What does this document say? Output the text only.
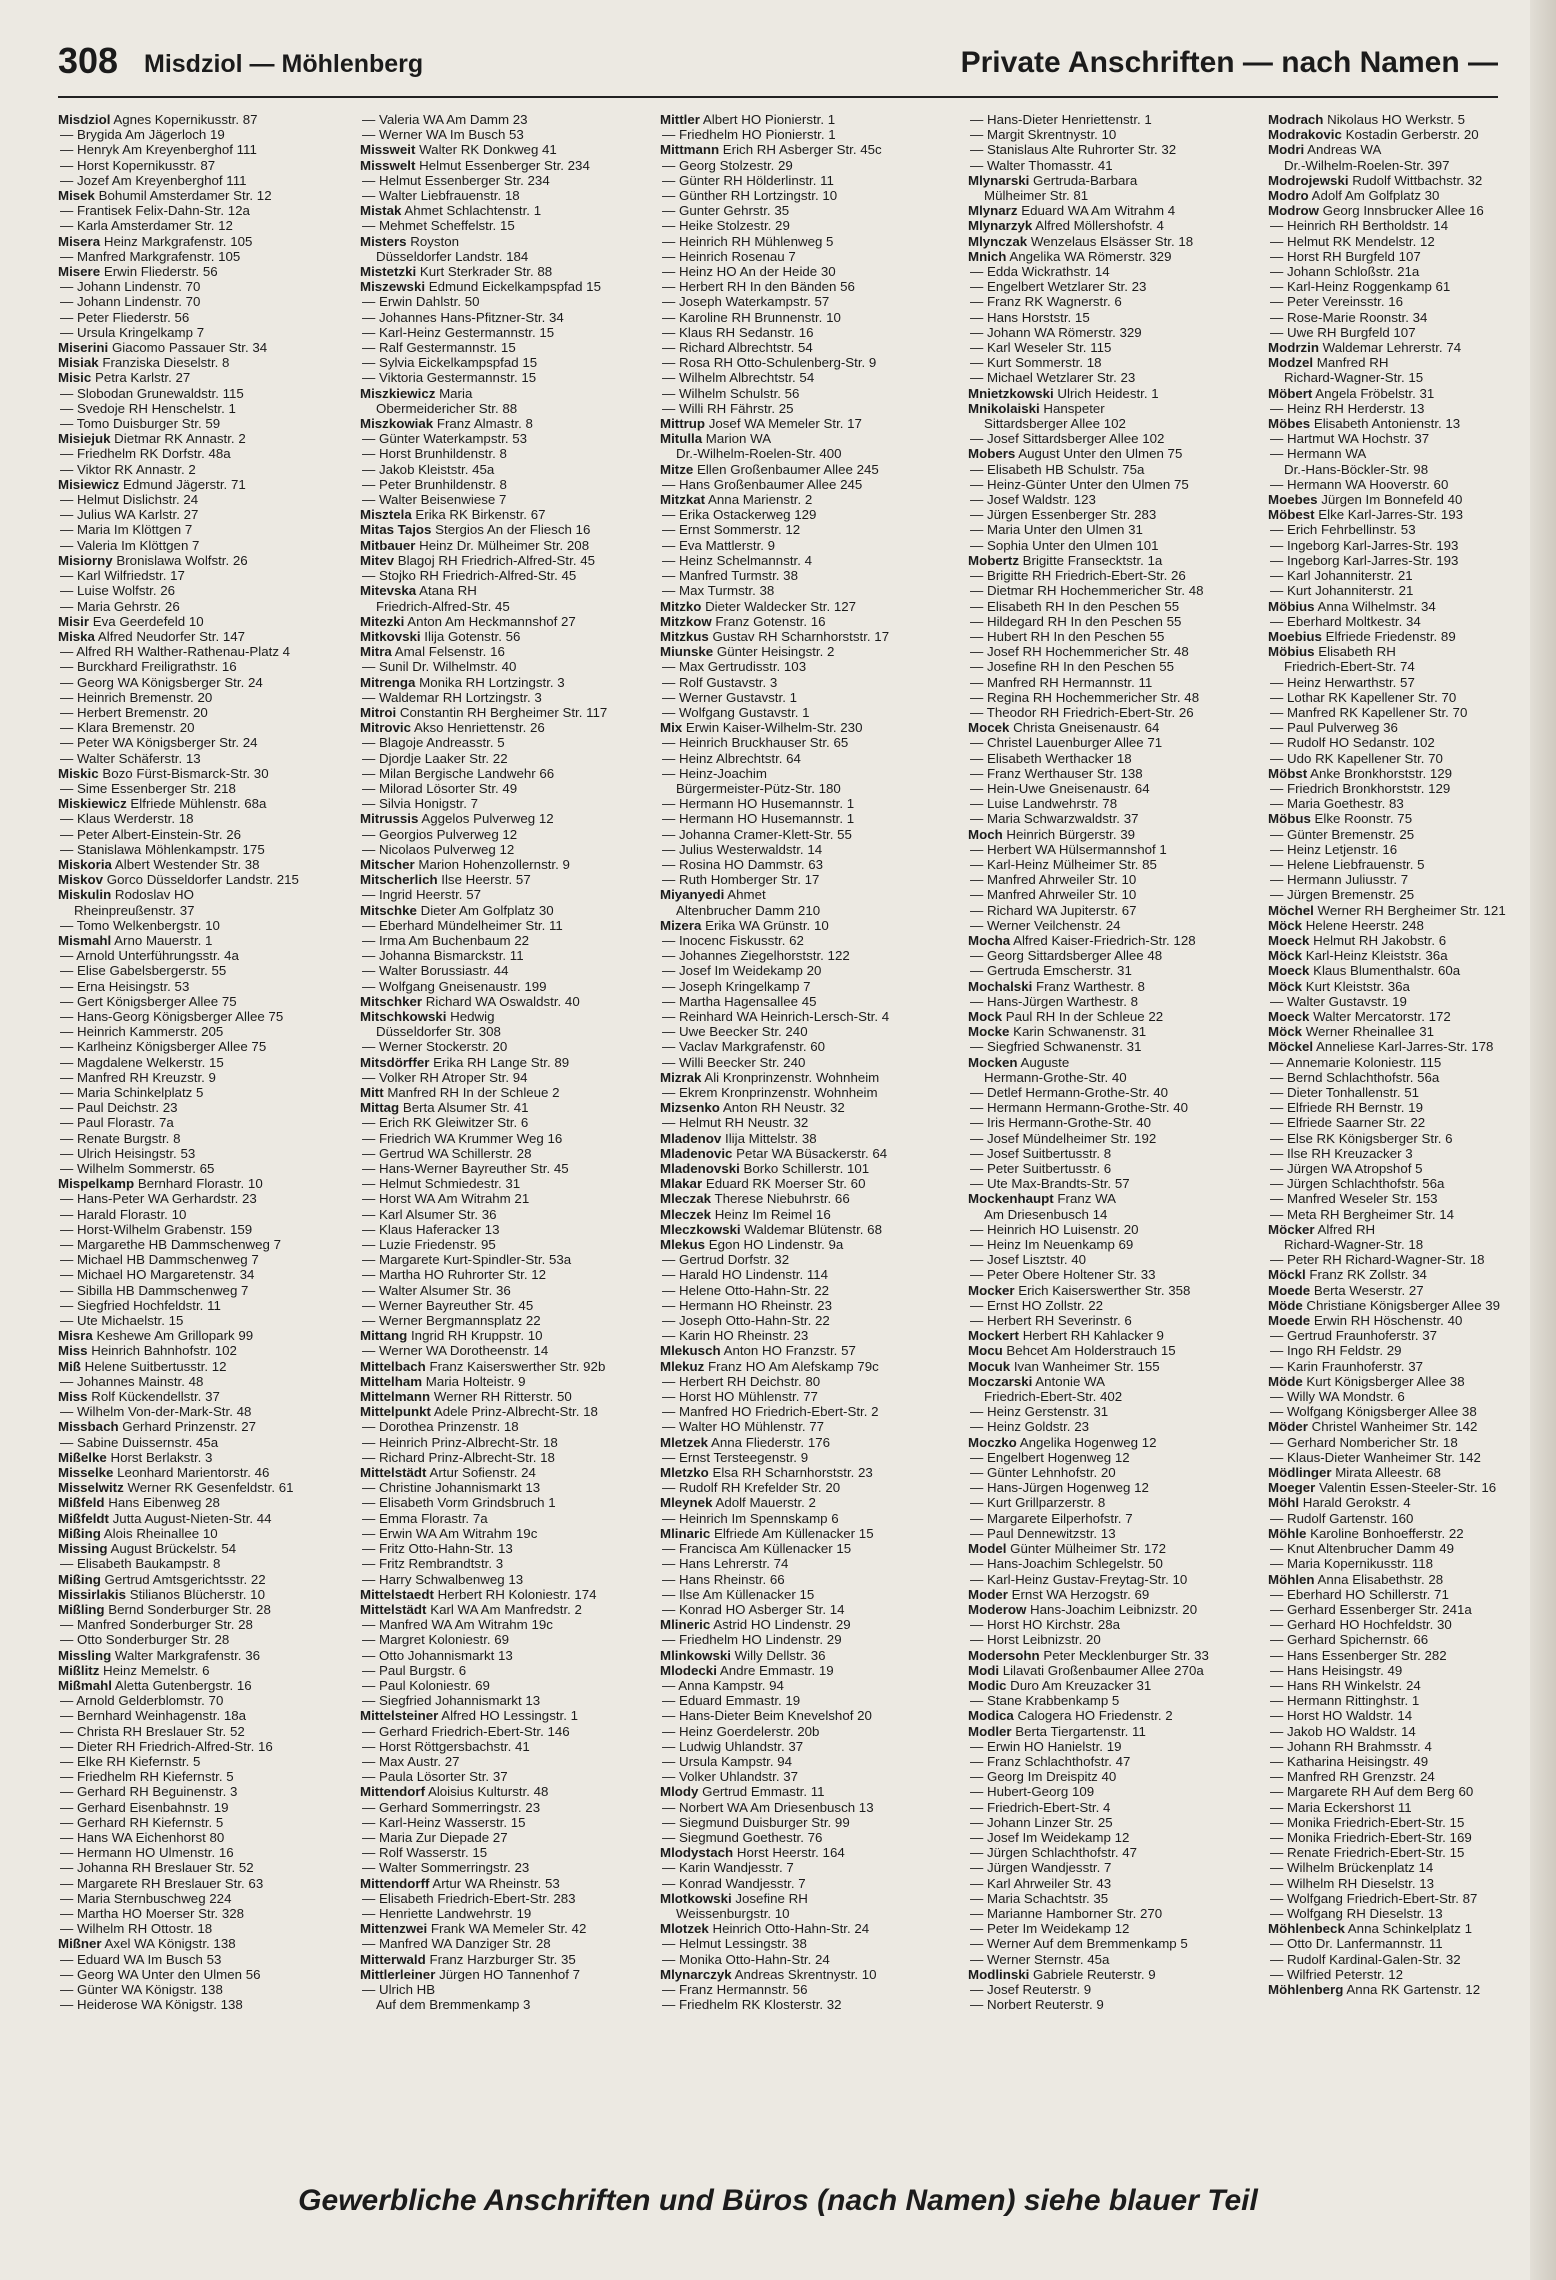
308 Misdziol — Möhlenberg	Private Anschriften — nach Namen —
Misdziol Agnes Kopernikusstr. 87
— Brygida Am Jägerloch 19
— Henryk Am Kreyenberghof 111
— Horst Kopernikusstr. 87
— Jozef Am Kreyenberghof 111
Misek Bohumil Amsterdamer Str. 12
— Frantisek Felix-Dahn-Str. 12a
— Karla Amsterdamer Str. 12
Misera Heinz Markgrafenstr. 105
— Manfred Markgrafenstr. 105
Misere Erwin Fliederstr. 56
— Johann Lindenstr. 70
— Johann Lindenstr. 70
— Peter Fliederstr. 56
— Ursula Kringelkamp 7
Miserini Giacomo Passauer Str. 34
Misiak Franziska Dieselstr. 8
Misic Petra Karlstr. 27
— Slobodan Grunewaldstr. 115
— Svedoje RH Henschelstr. 1
— Tomo Duisburger Str. 59
Misiejuk Dietmar RK Annastr. 2
— Friedhelm RK Dorfstr. 48a
— Viktor RK Annastr. 2
Misiewicz Edmund Jägerstr. 71
— Helmut Dislichstr. 24
— Julius WA Karlstr. 27
— Maria Im Klöttgen 7
— Valeria Im Klöttgen 7
Misiorny Bronislawa Wolfstr. 26
— Karl Wilfriedstr. 17
— Luise Wolfstr. 26
— Maria Gehrstr. 26
Misir Eva Geerdefeld 10
Miska Alfred Neudorfer Str. 147
— Alfred RH Walther-Rathenau-Platz 4
— Burckhard Freiligrathstr. 16
— Georg WA Königsberger Str. 24
— Heinrich Bremenstr. 20
— Herbert Bremenstr. 20
— Klara Bremenstr. 20
— Peter WA Königsberger Str. 24
— Walter Schäferstr. 13
Miskic Bozo Fürst-Bismarck-Str. 30
— Sime Essenberger Str. 218
Miskiewicz Elfriede Mühlenstr. 68a
— Klaus Werderstr. 18
— Peter Albert-Einstein-Str. 26
— Stanislawa Möhlenkampstr. 175
Miskoria Albert Westender Str. 38
Miskov Gorco Düsseldorfer Landstr. 215
Miskulin Rodoslav HO
Rheinpreußenstr. 37
— Tomo Welkenbergstr. 10
Mismahl Arno Mauerstr. 1
— Arnold Unterführungsstr. 4a
— Elise Gabelsbergerstr. 55
— Erna Heisingstr. 53
— Gert Königsberger Allee 75
— Hans-Georg Königsberger Allee 75
— Heinrich Kammerstr. 205
— Karlheinz Königsberger Allee 75
— Magdalene Welkerstr. 15
— Manfred RH Kreuzstr. 9
— Maria Schinkelplatz 5
— Paul Deichstr. 23
— Paul Florastr. 7a
— Renate Burgstr. 8
— Ulrich Heisingstr. 53
— Wilhelm Sommerstr. 65
Mispelkamp Bernhard Florastr. 10
— Hans-Peter WA Gerhardstr. 23
— Harald Florastr. 10
— Horst-Wilhelm Grabenstr. 159
— Margarethe HB Dammschenweg 7
— Michael HB Dammschenweg 7
— Michael HO Margaretenstr. 34
— Sibilla HB Dammschenweg 7
— Siegfried Hochfeldstr. 11
— Ute Michaelstr. 15
Misra Keshewe Am Grillopark 99
Miss Heinrich Bahnhofstr. 102
Miß Helene Suitbertusstr. 12
— Johannes Mainstr. 48
Miss Rolf Kückendellstr. 37
— Wilhelm Von-der-Mark-Str. 48
Missbach Gerhard Prinzenstr. 27
— Sabine Duissernstr. 45a
Mißelke Horst Berlakstr. 3
Misselke Leonhard Marientorstr. 46
Misselwitz Werner RK Gesenfeldstr. 61
Mißfeld Hans Eibenweg 28
Mißfeldt Jutta August-Nieten-Str. 44
Mißing Alois Rheinallee 10
Missing August Brückelstr. 54
— Elisabeth Baukampstr. 8
Mißing Gertrud Amtsgerichtsstr. 22
Missirlakis Stilianos Blücherstr. 10
Mißling Bernd Sonderburger Str. 28
— Manfred Sonderburger Str. 28
— Otto Sonderburger Str. 28
Missling Walter Markgrafenstr. 36
Mißlitz Heinz Memelstr. 6
Mißmahl Aletta Gutenbergstr. 16
— Arnold Gelderblomstr. 70
— Bernhard Weinhagenstr. 18a
— Christa RH Breslauer Str. 52
— Dieter RH Friedrich-Alfred-Str. 16
— Elke RH Kiefernstr. 5
— Friedhelm RH Kiefernstr. 5
— Gerhard RH Beguinenstr. 3
— Gerhard Eisenbahnstr. 19
— Gerhard RH Kiefernstr. 5
— Hans WA Eichenhorst 80
— Hermann HO Ulmenstr. 16
— Johanna RH Breslauer Str. 52
— Margarete RH Breslauer Str. 63
— Maria Sternbuschweg 224
— Martha HO Moerser Str. 328
— Wilhelm RH Ottostr. 18
Mißner Axel WA Königstr. 138
— Eduard WA Im Busch 53
— Georg WA Unter den Ulmen 56
— Günter WA Königstr. 138
— Heiderose WA Königstr. 138
— Valeria WA Am Damm 23
— Werner WA Im Busch 53
Missweit Walter RK Donkweg 41
Misswelt Helmut Essenberger Str. 234
— Helmut Essenberger Str. 234
— Walter Liebfrauenstr. 18
Mistak Ahmet Schlachtenstr. 1
— Mehmet Scheffelstr. 15
Misters Royston
Düsseldorfer Landstr. 184
Mistetzki Kurt Sterkrader Str. 88
Miszewski Edmund Eickelkampspfad 15
— Erwin Dahlstr. 50
— Johannes Hans-Pfitzner-Str. 34
— Karl-Heinz Gestermannstr. 15
— Ralf Gestermannstr. 15
— Sylvia Eickelkampspfad 15
— Viktoria Gestermannstr. 15
Miszkiewicz Maria
Obermeidericher Str. 88
Miszkowiak Franz Almastr. 8
— Günter Waterkampstr. 53
— Horst Brunhildenstr. 8
— Jakob Kleiststr. 45a
— Peter Brunhildenstr. 8
— Walter Beisenwiese 7
Misztela Erika RK Birkenstr. 67
Mitas Tajos Stergios An der Fliesch 16
Mitbauer Heinz Dr. Mülheimer Str. 208
Mitev Blagoj RH Friedrich-Alfred-Str. 45
— Stojko RH Friedrich-Alfred-Str. 45
Mitevska Atana RH
Friedrich-Alfred-Str. 45
Mitezki Anton Am Heckmannshof 27
Mitkovski Ilija Gotenstr. 56
Mitra Amal Felsenstr. 16
— Sunil Dr. Wilhelmstr. 40
Mitrenga Monika RH Lortzingstr. 3
— Waldemar RH Lortzingstr. 3
Mitroi Constantin RH Bergheimer Str. 117
Mitrovic Akso Henriettenstr. 26
— Blagoje Andreasstr. 5
— Djordje Laaker Str. 22
— Milan Bergische Landwehr 66
— Milorad Lösorter Str. 49
— Silvia Honigstr. 7
Mitrussis Aggelos Pulverweg 12
— Georgios Pulverweg 12
— Nicolaos Pulverweg 12
Mitscher Marion Hohenzollernstr. 9
Mitscherlich Ilse Heerstr. 57
— Ingrid Heerstr. 57
Mitschke Dieter Am Golfplatz 30
— Eberhard Mündelheimer Str. 11
— Irma Am Buchenbaum 22
— Johanna Bismarckstr. 11
— Walter Borussiastr. 44
— Wolfgang Gneisenaustr. 199
Mitschker Richard WA Oswaldstr. 40
Mitschkowski Hedwig
Düsseldorfer Str. 308
— Werner Stockerstr. 20
Mitsdörffer Erika RH Lange Str. 89
— Volker RH Atroper Str. 94
Mitt Manfred RH In der Schleue 2
Mittag Berta Alsumer Str. 41
— Erich RK Gleiwitzer Str. 6
— Friedrich WA Krummer Weg 16
— Gertrud WA Schillerstr. 28
— Hans-Werner Bayreuther Str. 45
— Helmut Schmiedestr. 31
— Horst WA Am Witrahm 21
— Karl Alsumer Str. 36
— Klaus Haferacker 13
— Luzie Friedenstr. 95
— Margarete Kurt-Spindler-Str. 53a
— Martha HO Ruhrorter Str. 12
— Walter Alsumer Str. 36
— Werner Bayreuther Str. 45
— Werner Bergmannsplatz 22
Mittang Ingrid RH Kruppstr. 10
— Werner WA Dorotheenstr. 14
Mittelbach Franz Kaiserswerther Str. 92b
Mittelham Maria Holteistr. 9
Mittelmann Werner RH Ritterstr. 50
Mittelpunkt Adele Prinz-Albrecht-Str. 18
— Dorothea Prinzenstr. 18
— Heinrich Prinz-Albrecht-Str. 18
— Richard Prinz-Albrecht-Str. 18
Mittelstädt Artur Sofienstr. 24
— Christine Johannismarkt 13
— Elisabeth Vorm Grindsbruch 1
— Emma Florastr. 7a
— Erwin WA Am Witrahm 19c
— Fritz Otto-Hahn-Str. 13
— Fritz Rembrandtstr. 3
— Harry Schwalbenweg 13
Mittelstaedt Herbert RH Koloniestr. 174
Mittelstädt Karl WA Am Manfredstr. 2
— Manfred WA Am Witrahm 19c
— Margret Koloniestr. 69
— Otto Johannismarkt 13
— Paul Burgstr. 6
— Paul Koloniestr. 69
— Siegfried Johannismarkt 13
Mittelsteiner Alfred HO Lessingstr. 1
— Gerhard Friedrich-Ebert-Str. 146
— Horst Röttgersbachstr. 41
— Max Austr. 27
— Paula Lösorter Str. 37
Mittendorf Aloisius Kulturstr. 48
— Gerhard Sommerringstr. 23
— Karl-Heinz Wasserstr. 15
— Maria Zur Diepade 27
— Rolf Wasserstr. 15
— Walter Sommerringstr. 23
Mittendorff Artur WA Rheinstr. 53
— Elisabeth Friedrich-Ebert-Str. 283
— Henriette Landwehrstr. 19
Mittenzwei Frank WA Memeler Str. 42
— Manfred WA Danziger Str. 28
Mitterwald Franz Harzburger Str. 35
Mittlerleiner Jürgen HO Tannenhof 7
— Ulrich HB
Auf dem Bremmenkamp 3
Mittler Albert HO Pionierstr. 1
— Friedhelm HO Pionierstr. 1
Mittmann Erich RH Asberger Str. 45c
— Georg Stolzestr. 29
— Günter RH Hölderlinstr. 11
— Günther RH Lortzingstr. 10
— Gunter Gehrstr. 35
— Heike Stolzestr. 29
— Heinrich RH Mühlenweg 5
— Heinrich Rosenau 7
— Heinz HO An der Heide 30
— Herbert RH In den Bänden 56
— Joseph Waterkampstr. 57
— Karoline RH Brunnenstr. 10
— Klaus RH Sedanstr. 16
— Richard Albrechtstr. 54
— Rosa RH Otto-Schulenberg-Str. 9
— Wilhelm Albrechtstr. 54
— Wilhelm Schulstr. 56
— Willi RH Fährstr. 25
Mittrup Josef WA Memeler Str. 17
Mitulla Marion WA
Dr.-Wilhelm-Roelen-Str. 400
Mitze Ellen Großenbaumer Allee 245
— Hans Großenbaumer Allee 245
Mitzkat Anna Marienstr. 2
— Erika Ostackerweg 129
— Ernst Sommerstr. 12
— Eva Mattlerstr. 9
— Heinz Schelmannstr. 4
— Manfred Turmstr. 38
— Max Turmstr. 38
Mitzko Dieter Waldecker Str. 127
Mitzkow Franz Gotenstr. 16
Mitzkus Gustav RH Scharnhorststr. 17
Miunske Günter Heisingstr. 2
— Max Gertrudisstr. 103
— Rolf Gustavstr. 3
— Werner Gustavstr. 1
— Wolfgang Gustavstr. 1
Mix Erwin Kaiser-Wilhelm-Str. 230
— Heinrich Bruckhauser Str. 65
— Heinz Albrechtstr. 64
— Heinz-Joachim
Bürgermeister-Pütz-Str. 180
— Hermann HO Husemannstr. 1
— Hermann HO Husemannstr. 1
— Johanna Cramer-Klett-Str. 55
— Julius Westerwaldstr. 14
— Rosina HO Dammstr. 63
— Ruth Homberger Str. 17
Miyanyedi Ahmet
Altenbrucher Damm 210
Mizera Erika WA Grünstr. 10
— Inocenc Fiskusstr. 62
— Johannes Ziegelhorststr. 122
— Josef Im Weidekamp 20
— Joseph Kringelkamp 7
— Martha Hagensallee 45
— Reinhard WA Heinrich-Lersch-Str. 4
— Uwe Beecker Str. 240
— Vaclav Markgrafenstr. 60
— Willi Beecker Str. 240
Mizrak Ali Kronprinzenstr. Wohnheim
— Ekrem Kronprinzenstr. Wohnheim
Mizsenko Anton RH Neustr. 32
— Helmut RH Neustr. 32
Mladenov Ilija Mittelstr. 38
Mladenovic Petar WA Büsackerstr. 64
Mladenovski Borko Schillerstr. 101
Mlakar Eduard RK Moerser Str. 60
Mleczak Therese Niebuhrstr. 66
Mleczek Heinz Im Reimel 16
Mleczkowski Waldemar Blütenstr. 68
Mlekus Egon HO Lindenstr. 9a
— Gertrud Dorfstr. 32
— Harald HO Lindenstr. 114
— Helene Otto-Hahn-Str. 22
— Hermann HO Rheinstr. 23
— Joseph Otto-Hahn-Str. 22
— Karin HO Rheinstr. 23
Mlekusch Anton HO Franzstr. 57
Mlekuz Franz HO Am Alefskamp 79c
— Herbert RH Deichstr. 80
— Horst HO Mühlenstr. 77
— Manfred HO Friedrich-Ebert-Str. 2
— Walter HO Mühlenstr. 77
Mletzek Anna Fliederstr. 176
— Ernst Tersteegenstr. 9
Mletzko Elsa RH Scharnhorststr. 23
— Rudolf RH Krefelder Str. 20
Mleynek Adolf Mauerstr. 2
— Heinrich Im Spennskamp 6
Mlinaric Elfriede Am Küllenacker 15
— Francisca Am Küllenacker 15
— Hans Lehrerstr. 74
— Hans Rheinstr. 66
— Ilse Am Küllenacker 15
— Konrad HO Asberger Str. 14
Mlineric Astrid HO Lindenstr. 29
— Friedhelm HO Lindenstr. 29
Mlinkowski Willy Dellstr. 36
Mlodecki Andre Emmastr. 19
— Anna Kampstr. 94
— Eduard Emmastr. 19
— Hans-Dieter Beim Knevelshof 20
— Heinz Goerdelerstr. 20b
— Ludwig Uhlandstr. 37
— Ursula Kampstr. 94
— Volker Uhlandstr. 37
Mlody Gertrud Emmastr. 11
— Norbert WA Am Driesenbusch 13
— Siegmund Duisburger Str. 99
— Siegmund Goethestr. 76
Mlodystach Horst Heerstr. 164
— Karin Wandjesstr. 7
— Konrad Wandjesstr. 7
Mlotkowski Josefine RH
Weissenburgstr. 10
Mlotzek Heinrich Otto-Hahn-Str. 24
— Helmut Lessingstr. 38
— Monika Otto-Hahn-Str. 24
Mlynarczyk Andreas Skrentnystr. 10
— Franz Hermannstr. 56
— Friedhelm RK Klosterstr. 32
— Hans-Dieter Henriettenstr. 1
— Margit Skrentnystr. 10
— Stanislaus Alte Ruhrorter Str. 32
— Walter Thomasstr. 41
Mlynarski Gertruda-Barbara
Mülheimer Str. 81
Mlynarz Eduard WA Am Witrahm 4
Mlynarzyk Alfred Möllershofstr. 4
Mlynczak Wenzelaus Elsässer Str. 18
Mnich Angelika WA Römerstr. 329
— Edda Wickrathstr. 14
— Engelbert Wetzlarer Str. 23
— Franz RK Wagnerstr. 6
— Hans Horststr. 15
— Johann WA Römerstr. 329
— Karl Weseler Str. 115
— Kurt Sommerstr. 18
— Michael Wetzlarer Str. 23
Mnietzkowski Ulrich Heidestr. 1
Mnikolaiski Hanspeter
Sittardsberger Allee 102
— Josef Sittardsberger Allee 102
Mobers August Unter den Ulmen 75
— Elisabeth HB Schulstr. 75a
— Heinz-Günter Unter den Ulmen 75
— Josef Waldstr. 123
— Jürgen Essenberger Str. 283
— Maria Unter den Ulmen 31
— Sophia Unter den Ulmen 101
Mobertz Brigitte Fransecktstr. 1a
— Brigitte RH Friedrich-Ebert-Str. 26
— Dietmar RH Hochemmericher Str. 48
— Elisabeth RH In den Peschen 55
— Hildegard RH In den Peschen 55
— Hubert RH In den Peschen 55
— Josef RH Hochemmericher Str. 48
— Josefine RH In den Peschen 55
— Manfred RH Hermannstr. 11
— Regina RH Hochemmericher Str. 48
— Theodor RH Friedrich-Ebert-Str. 26
Mocek Christa Gneisenaustr. 64
— Christel Lauenburger Allee 71
— Elisabeth Werthacker 18
— Franz Werthauser Str. 138
— Hein-Uwe Gneisenaustr. 64
— Luise Landwehrstr. 78
— Maria Schwarzwaldstr. 37
Moch Heinrich Bürgerstr. 39
— Herbert WA Hülsermannshof 1
— Karl-Heinz Mülheimer Str. 85
— Manfred Ahrweiler Str. 10
— Manfred Ahrweiler Str. 10
— Richard WA Jupiterstr. 67
— Werner Veilchenstr. 24
Mocha Alfred Kaiser-Friedrich-Str. 128
— Georg Sittardsberger Allee 48
— Gertruda Emscherstr. 31
Mochalski Franz Warthestr. 8
— Hans-Jürgen Warthestr. 8
Mock Paul RH In der Schleue 22
Mocke Karin Schwanenstr. 31
— Siegfried Schwanenstr. 31
Mocken Auguste
Hermann-Grothe-Str. 40
— Detlef Hermann-Grothe-Str. 40
— Hermann Hermann-Grothe-Str. 40
— Iris Hermann-Grothe-Str. 40
— Josef Mündelheimer Str. 192
— Josef Suitbertusstr. 8
— Peter Suitbertusstr. 6
— Ute Max-Brandts-Str. 57
Mockenhaupt Franz WA
Am Driesenbusch 14
— Heinrich HO Luisenstr. 20
— Heinz Im Neuenkamp 69
— Josef Lisztstr. 40
— Peter Obere Holtener Str. 33
Mocker Erich Kaiserswerther Str. 358
— Ernst HO Zollstr. 22
— Herbert RH Severinstr. 6
Mockert Herbert RH Kahlacker 9
Mocu Behcet Am Holderstrauch 15
Mocuk Ivan Wanheimer Str. 155
Moczarski Antonie WA
Friedrich-Ebert-Str. 402
— Heinz Gerstenstr. 31
— Heinz Goldstr. 23
Moczko Angelika Hogenweg 12
— Engelbert Hogenweg 12
— Günter Lehnhofstr. 20
— Hans-Jürgen Hogenweg 12
— Kurt Grillparzerstr. 8
— Margarete Eilperhofstr. 7
— Paul Dennewitzstr. 13
Model Günter Mülheimer Str. 172
— Hans-Joachim Schlegelstr. 50
— Karl-Heinz Gustav-Freytag-Str. 10
Moder Ernst WA Herzogstr. 69
Moderow Hans-Joachim Leibnizstr. 20
— Horst HO Kirchstr. 28a
— Horst Leibnizstr. 20
Modersohn Peter Mecklenburger Str. 33
Modi Lilavati Großenbaumer Allee 270a
Modic Duro Am Kreuzacker 31
— Stane Krabbenkamp 5
Modica Calogera HO Friedenstr. 2
Modler Berta Tiergartenstr. 11
— Erwin HO Hanielstr. 19
— Franz Schlachthofstr. 47
— Georg Im Dreispitz 40
— Hubert-Georg 109
— Friedrich-Ebert-Str. 4
— Johann Linzer Str. 25
— Josef Im Weidekamp 12
— Jürgen Schlachthofstr. 47
— Jürgen Wandjesstr. 7
— Karl Ahrweiler Str. 43
— Maria Schachtstr. 35
— Marianne Hamborner Str. 270
— Peter Im Weidekamp 12
— Werner Auf dem Bremmenkamp 5
— Werner Sternstr. 45a
Modlinski Gabriele Reuterstr. 9
— Josef Reuterstr. 9
— Norbert Reuterstr. 9
Modrach Nikolaus HO Werkstr. 5
Modrakovic Kostadin Gerberstr. 20
Modri Andreas WA
Dr.-Wilhelm-Roelen-Str. 397
Modrojewski Rudolf Wittbachstr. 32
Modro Adolf Am Golfplatz 30
Modrow Georg Innsbrucker Allee 16
— Heinrich RH Bertholdstr. 14
— Helmut RK Mendelstr. 12
— Horst RH Burgfeld 107
— Johann Schloßstr. 21a
— Karl-Heinz Roggenkamp 61
— Peter Vereinsstr. 16
— Rose-Marie Roonstr. 34
— Uwe RH Burgfeld 107
Modrzin Waldemar Lehrerstr. 74
Modzel Manfred RH
Richard-Wagner-Str. 15
Möbert Angela Fröbelstr. 31
— Heinz RH Herderstr. 13
Möbes Elisabeth Antonienstr. 13
— Hartmut WA Hochstr. 37
— Hermann WA
Dr.-Hans-Böckler-Str. 98
— Hermann WA Hooverstr. 60
Moebes Jürgen Im Bonnefeld 40
Möbest Elke Karl-Jarres-Str. 193
— Erich Fehrbellinstr. 53
— Ingeborg Karl-Jarres-Str. 193
— Ingeborg Karl-Jarres-Str. 193
— Karl Johanniterstr. 21
— Kurt Johanniterstr. 21
Möbius Anna Wilhelmstr. 34
— Eberhard Moltkestr. 34
Moebius Elfriede Friedenstr. 89
Möbius Elisabeth RH
Friedrich-Ebert-Str. 74
— Heinz Herwarthstr. 57
— Lothar RK Kapellener Str. 70
— Manfred RK Kapellener Str. 70
— Paul Pulverweg 36
— Rudolf HO Sedanstr. 102
— Udo RK Kapellener Str. 70
Möbst Anke Bronkhorststr. 129
— Friedrich Bronkhorststr. 129
— Maria Goethestr. 83
Möbus Elke Roonstr. 75
— Günter Bremenstr. 25
— Heinz Letjenstr. 16
— Helene Liebfrauenstr. 5
— Hermann Juliusstr. 7
— Jürgen Bremenstr. 25
Möchel Werner RH Bergheimer Str. 121
Möck Helene Heerstr. 248
Moeck Helmut RH Jakobstr. 6
Möck Karl-Heinz Kleiststr. 36a
Moeck Klaus Blumenthalstr. 60a
Möck Kurt Kleiststr. 36a
— Walter Gustavstr. 19
Moeck Walter Mercatorstr. 172
Möck Werner Rheinallee 31
Möckel Anneliese Karl-Jarres-Str. 178
— Annemarie Koloniestr. 115
— Bernd Schlachthofstr. 56a
— Dieter Tonhallenstr. 51
— Elfriede RH Bernstr. 19
— Elfriede Saarner Str. 22
— Else RK Königsberger Str. 6
— Ilse RH Kreuzacker 3
— Jürgen WA Atropshof 5
— Jürgen Schlachthofstr. 56a
— Manfred Weseler Str. 153
— Meta RH Bergheimer Str. 14
Möcker Alfred RH
Richard-Wagner-Str. 18
— Peter RH Richard-Wagner-Str. 18
Möckl Franz RK Zollstr. 34
Moede Berta Weserstr. 27
Möde Christiane Königsberger Allee 39
Moede Erwin RH Höschenstr. 40
— Gertrud Fraunhoferstr. 37
— Ingo RH Feldstr. 29
— Karin Fraunhoferstr. 37
Möde Kurt Königsberger Allee 38
— Willy WA Mondstr. 6
— Wolfgang Königsberger Allee 38
Möder Christel Wanheimer Str. 142
— Gerhard Nombericher Str. 18
— Klaus-Dieter Wanheimer Str. 142
Mödlinger Mirata Alleestr. 68
Moeger Valentin Essen-Steeler-Str. 16
Möhl Harald Gerokstr. 4
— Rudolf Gartenstr. 160
Möhle Karoline Bonhoefferstr. 22
— Knut Altenbrucher Damm 49
— Maria Kopernikusstr. 118
Möhlen Anna Elisabethstr. 28
— Eberhard HO Schillerstr. 71
— Gerhard Essenberger Str. 241a
— Gerhard HO Hochfeldstr. 30
— Gerhard Spichernstr. 66
— Hans Essenberger Str. 282
— Hans Heisingstr. 49
— Hans RH Winkelstr. 24
— Hermann Rittinghstr. 1
— Horst HO Waldstr. 14
— Jakob HO Waldstr. 14
— Johann RH Brahmsstr. 4
— Katharina Heisingstr. 49
— Manfred RH Grenzstr. 24
— Margarete RH Auf dem Berg 60
— Maria Eckershorst 11
— Monika Friedrich-Ebert-Str. 15
— Monika Friedrich-Ebert-Str. 169
— Renate Friedrich-Ebert-Str. 15
— Wilhelm Brückenplatz 14
— Wilhelm RH Dieselstr. 13
— Wolfgang Friedrich-Ebert-Str. 87
— Wolfgang RH Dieselstr. 13
Möhlenbeck Anna Schinkelplatz 1
— Otto Dr. Lanfermannstr. 11
— Rudolf Kardinal-Galen-Str. 32
— Wilfried Peterstr. 12
Möhlenberg Anna RK Gartenstr. 12
Gewerbliche Anschriften und Büros (nach Namen) siehe blauer Teil
